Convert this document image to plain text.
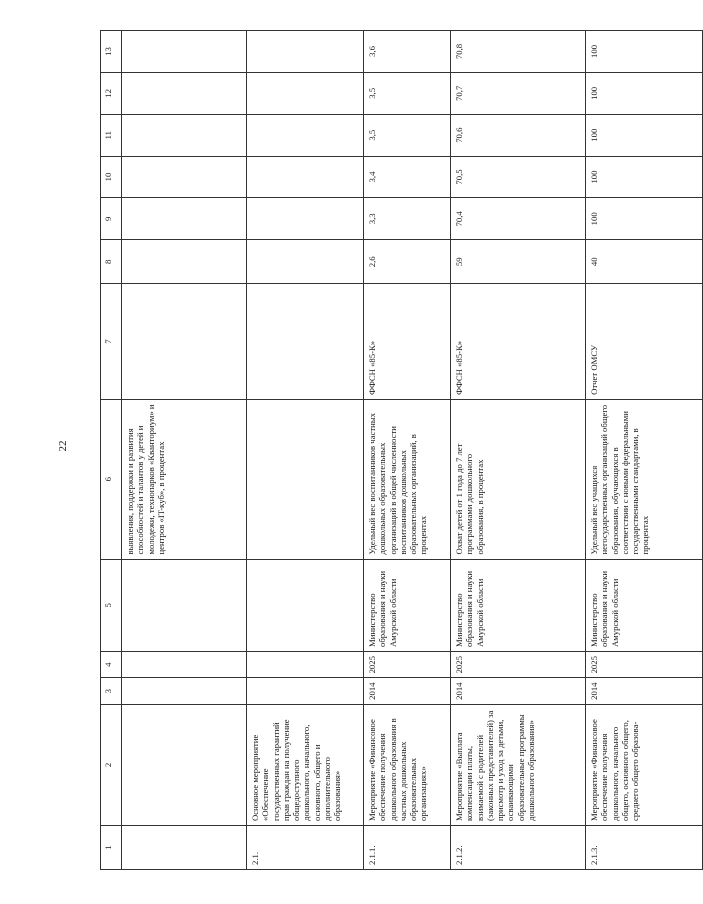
22
1	2	3	4	5	6	7	8	9	10	11	12	13
					выявления, поддержки и развития способностей и талантов у детей и молодежи, технопарков «Кванториум» и центров «IT-куб», в процентах							
2.1.	Основное мероприятие «Обеспечение государственных гарантий прав граждан на получение общедоступного дошкольного, начального, основного, общего и дополнительного образования»											
2.1.1.	Мероприятие «Финансовое обеспечение получения дошкольного образования в частных дошкольных образовательных организациях»	2014	2025	Министерство образования и науки Амурской области	Удельный вес воспитанников частных дошкольных образовательных организаций в общей численности воспитанников дошкольных образовательных организаций, в процентах	ФФСН «85-К»	2,6	3,3	3,4	3,5	3,5	3,6
2.1.2.	Мероприятие «Выплата компенсации платы, взимаемой с родителей (законных представителей) за присмотр и уход за детьми, осваивающими образовательные программы дошкольного образования»	2014	2025	Министерство образования и науки Амурской области	Охват детей от 1 года до 7 лет программами дошкольного образования, в процентах	ФФСН «85-К»	59	70,4	70,5	70,6	70,7	70,8
2.1.3.	Мероприятие «Финансовое обеспечение получения дошкольного, начального общего, основного общего, среднего общего образова-	2014	2025	Министерство образования и науки Амурской области	Удельный вес учащихся негосударственных организаций общего образования, обучающихся в соответствии с новыми федеральными государственными стандартами, в процентах	Отчет ОМСУ	40	100	100	100	100	100
